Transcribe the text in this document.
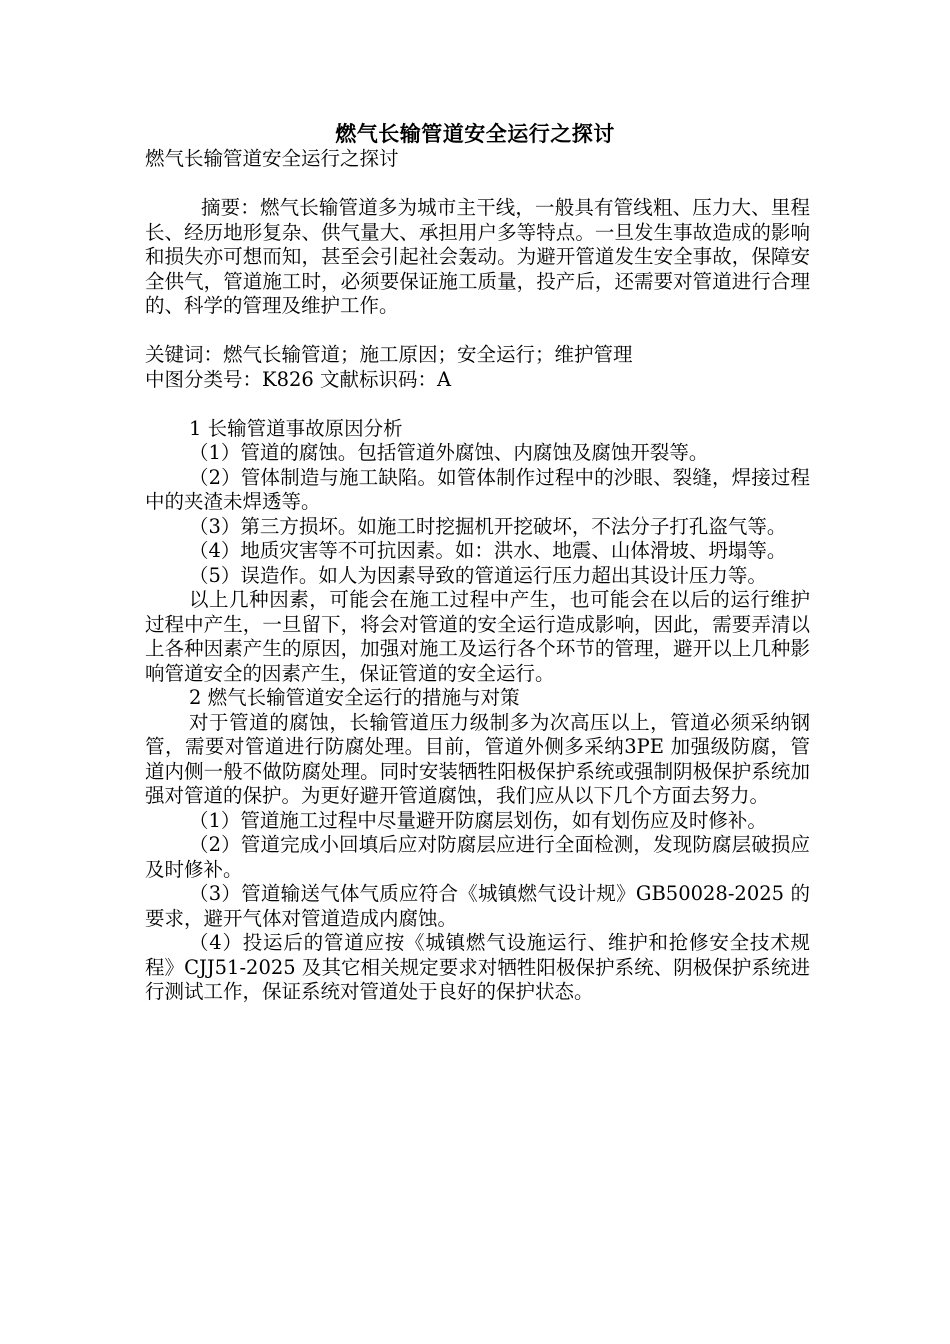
燃气长输管道安全运行之探讨

燃气长输管道安全运行之探讨

摘要：燃气长输管道多为城市主干线，一般具有管线粗、压力大、里程长、经历地形复杂、供气量大、承担用户多等特点。一旦发生事故造成的影响和损失亦可想而知，甚至会引起社会轰动。为避开管道发生安全事故，保障安全供气，管道施工时，必须要保证施工质量，投产后，还需要对管道进行合理的、科学的管理及维护工作。

关键词：燃气长输管道；施工原因；安全运行；维护管理

中图分类号：K826 文献标识码：A

1 长输管道事故原因分析

（1）管道的腐蚀。包括管道外腐蚀、内腐蚀及腐蚀开裂等。

（2）管体制造与施工缺陷。如管体制作过程中的沙眼、裂缝，焊接过程中的夹渣未焊透等。

（3）第三方损坏。如施工时挖掘机开挖破坏，不法分子打孔盗气等。

（4）地质灾害等不可抗因素。如：洪水、地震、山体滑坡、坍塌等。

（5）误造作。如人为因素导致的管道运行压力超出其设计压力等。

以上几种因素，可能会在施工过程中产生，也可能会在以后的运行维护过程中产生，一旦留下，将会对管道的安全运行造成影响，因此，需要弄清以上各种因素产生的原因，加强对施工及运行各个环节的管理，避开以上几种影响管道安全的因素产生，保证管道的安全运行。

2 燃气长输管道安全运行的措施与对策

对于管道的腐蚀，长输管道压力级制多为次高压以上，管道必须采纳钢管，需要对管道进行防腐处理。目前，管道外侧多采纳3PE 加强级防腐，管道内侧一般不做防腐处理。同时安装牺牲阳极保护系统或强制阴极保护系统加强对管道的保护。为更好避开管道腐蚀，我们应从以下几个方面去努力。

（1）管道施工过程中尽量避开防腐层划伤，如有划伤应及时修补。

（2）管道完成小回填后应对防腐层应进行全面检测，发现防腐层破损应及时修补。

（3）管道输送气体气质应符合《城镇燃气设计规》GB50028-2025 的要求，避开气体对管道造成内腐蚀。

（4）投运后的管道应按《城镇燃气设施运行、维护和抢修安全技术规程》CJJ51-2025 及其它相关规定要求对牺牲阳极保护系统、阴极保护系统进行测试工作，保证系统对管道处于良好的保护状态。
